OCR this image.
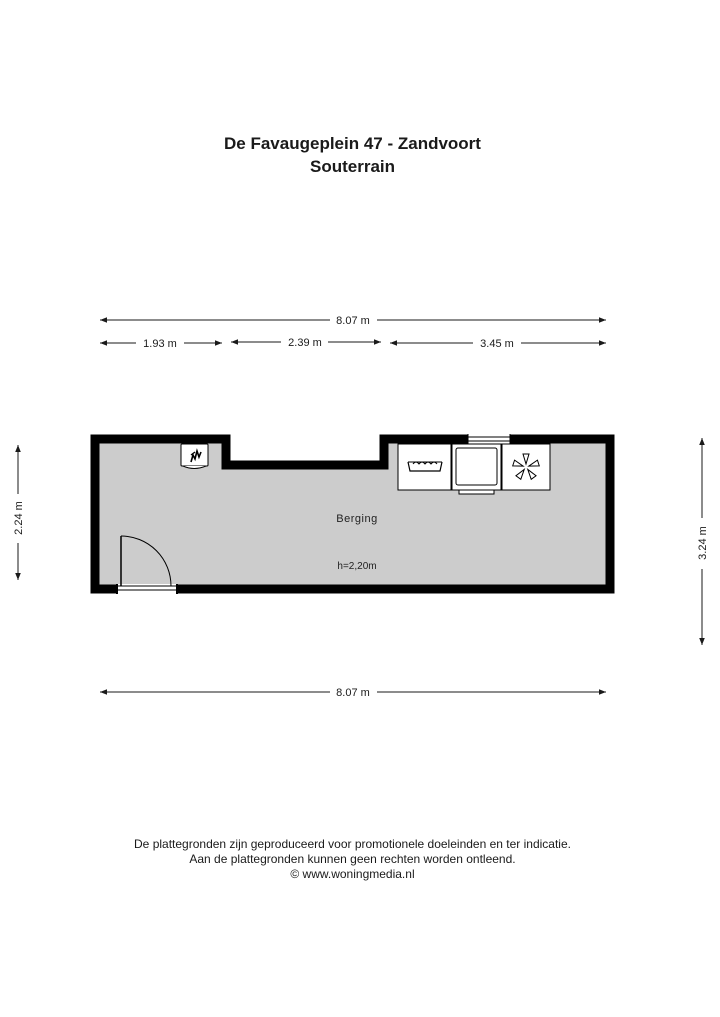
De Favaugeplein 47 - Zandvoort
Souterrain
8.07 m
1.93 m	2.39 m	3.45 m
2.24 m
3.24 m
8.07 m
Berging
h=2,20m
De plattegronden zijn geproduceerd voor promotionele doeleinden en ter indicatie.
Aan de plattegronden kunnen geen rechten worden ontleend.
© www.woningmedia.nl
